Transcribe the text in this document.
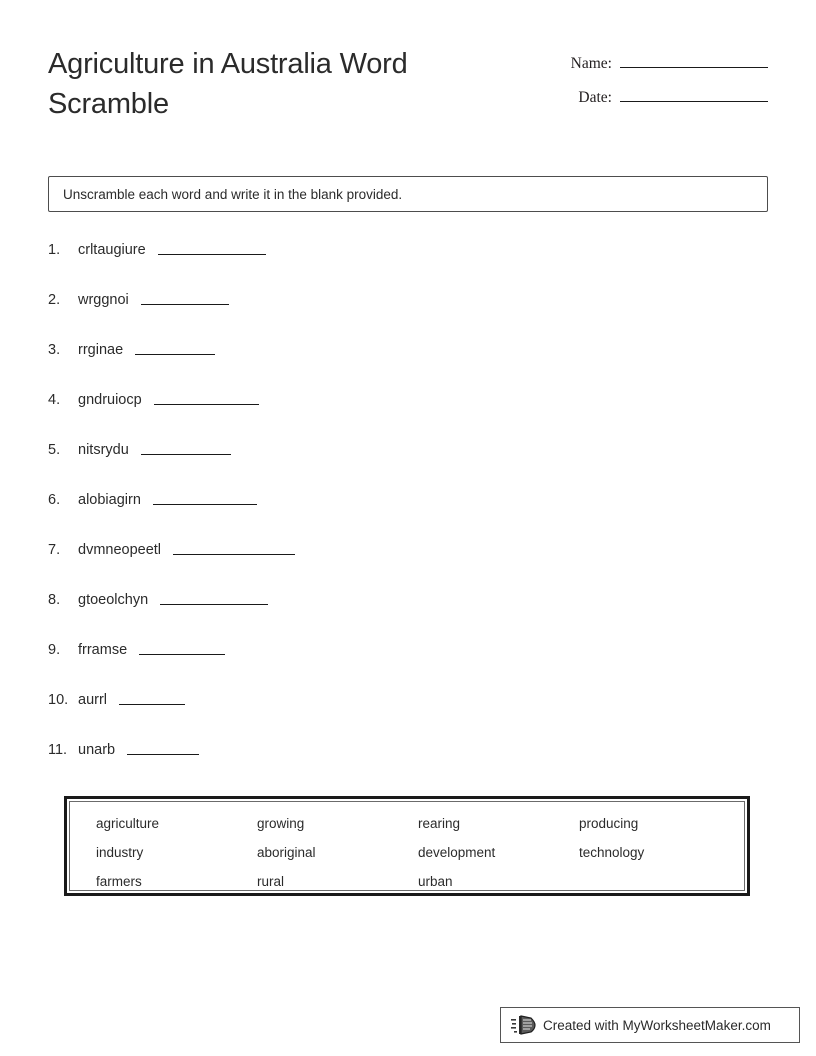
Agriculture in Australia Word Scramble
Name:
Date:
Unscramble each word and write it in the blank provided.
1.	crltaugiure
2.	wrggnoi
3.	rrginae
4.	gndruiocp
5.	nitsrydu
6.	alobiagirn
7.	dvmneopeetl
8.	gtoeolchyn
9.	frramse
10. aurrl
11. unarb
agriculture	growing	rearing	producing
industry	aboriginal	development	technology
farmers	rural	urban
Created with MyWorksheetMaker.com
